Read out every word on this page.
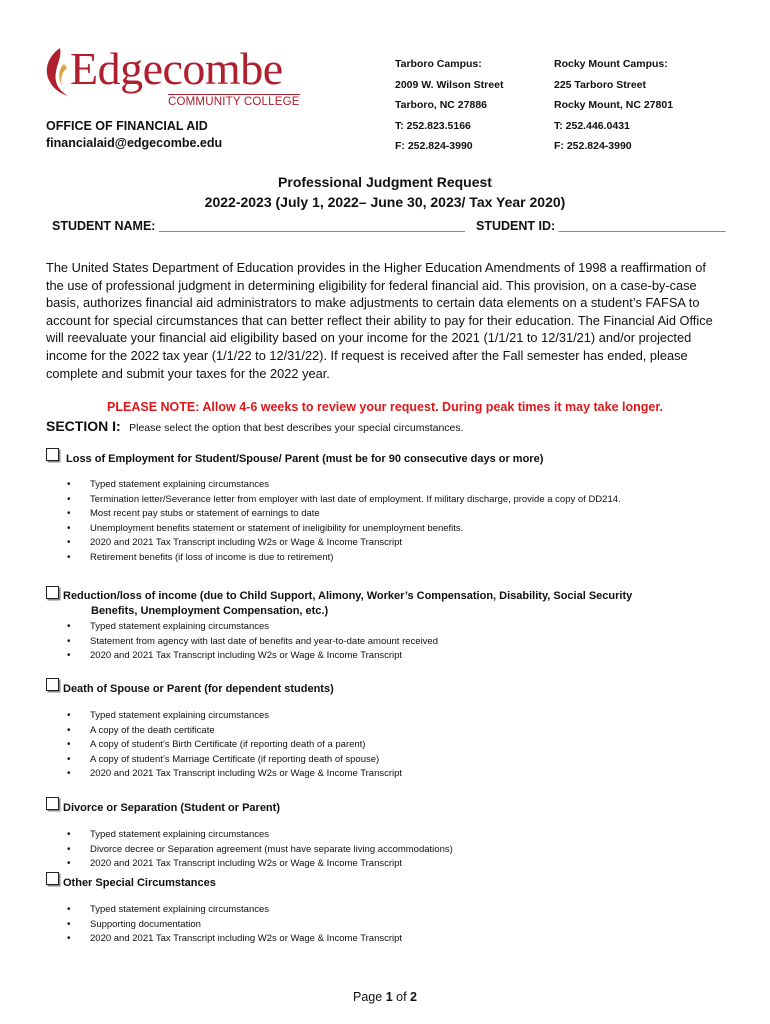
Edgecombe
COMMUNITY COLLEGE
OFFICE OF FINANCIAL AID
financialaid@edgecombe.edu
Tarboro Campus:
2009 W. Wilson Street
Tarboro, NC 27886
T: 252.823.5166
F: 252.824-3990
Rocky Mount Campus:
225 Tarboro Street
Rocky Mount, NC 27801
T: 252.446.0431
F: 252.824-3990
Professional Judgment Request
2022-2023 (July 1, 2022– June 30, 2023/ Tax Year 2020)
STUDENT NAME: ____________________________________________ STUDENT ID: ________________________
The United States Department of Education provides in the Higher Education Amendments of 1998 a reaffirmation of the use of professional judgment in determining eligibility for federal financial aid. This provision, on a case-by-case basis, authorizes financial aid administrators to make adjustments to certain data elements on a student’s FAFSA to account for special circumstances that can better reflect their ability to pay for their education. The Financial Aid Office will reevaluate your financial aid eligibility based on your income for the 2021 (1/1/21 to 12/31/21) and/or projected income for the 2022 tax year (1/1/22 to 12/31/22). If request is received after the Fall semester has ended, please complete and submit your taxes for the 2022 year.
PLEASE NOTE: Allow 4-6 weeks to review your request. During peak times it may take longer.
SECTION I: Please select the option that best describes your special circumstances.
Loss of Employment for Student/Spouse/ Parent (must be for 90 consecutive days or more)
• Typed statement explaining circumstances
• Termination letter/Severance letter from employer with last date of employment. If military discharge, provide a copy of DD214.
• Most recent pay stubs or statement of earnings to date
• Unemployment benefits statement or statement of ineligibility for unemployment benefits.
• 2020 and 2021 Tax Transcript including W2s or Wage & Income Transcript
• Retirement benefits (if loss of income is due to retirement)
Reduction/loss of income (due to Child Support, Alimony, Worker’s Compensation, Disability, Social Security
Benefits, Unemployment Compensation, etc.)
• Typed statement explaining circumstances
• Statement from agency with last date of benefits and year-to-date amount received
• 2020 and 2021 Tax Transcript including W2s or Wage & Income Transcript
Death of Spouse or Parent (for dependent students)
• Typed statement explaining circumstances
• A copy of the death certificate
• A copy of student’s Birth Certificate (if reporting death of a parent)
• A copy of student’s Marriage Certificate (if reporting death of spouse)
• 2020 and 2021 Tax Transcript including W2s or Wage & Income Transcript
Divorce or Separation (Student or Parent)
• Typed statement explaining circumstances
• Divorce decree or Separation agreement (must have separate living accommodations)
• 2020 and 2021 Tax Transcript including W2s or Wage & Income Transcript
Other Special Circumstances
• Typed statement explaining circumstances
• Supporting documentation
• 2020 and 2021 Tax Transcript including W2s or Wage & Income Transcript
Page 1 of 2
